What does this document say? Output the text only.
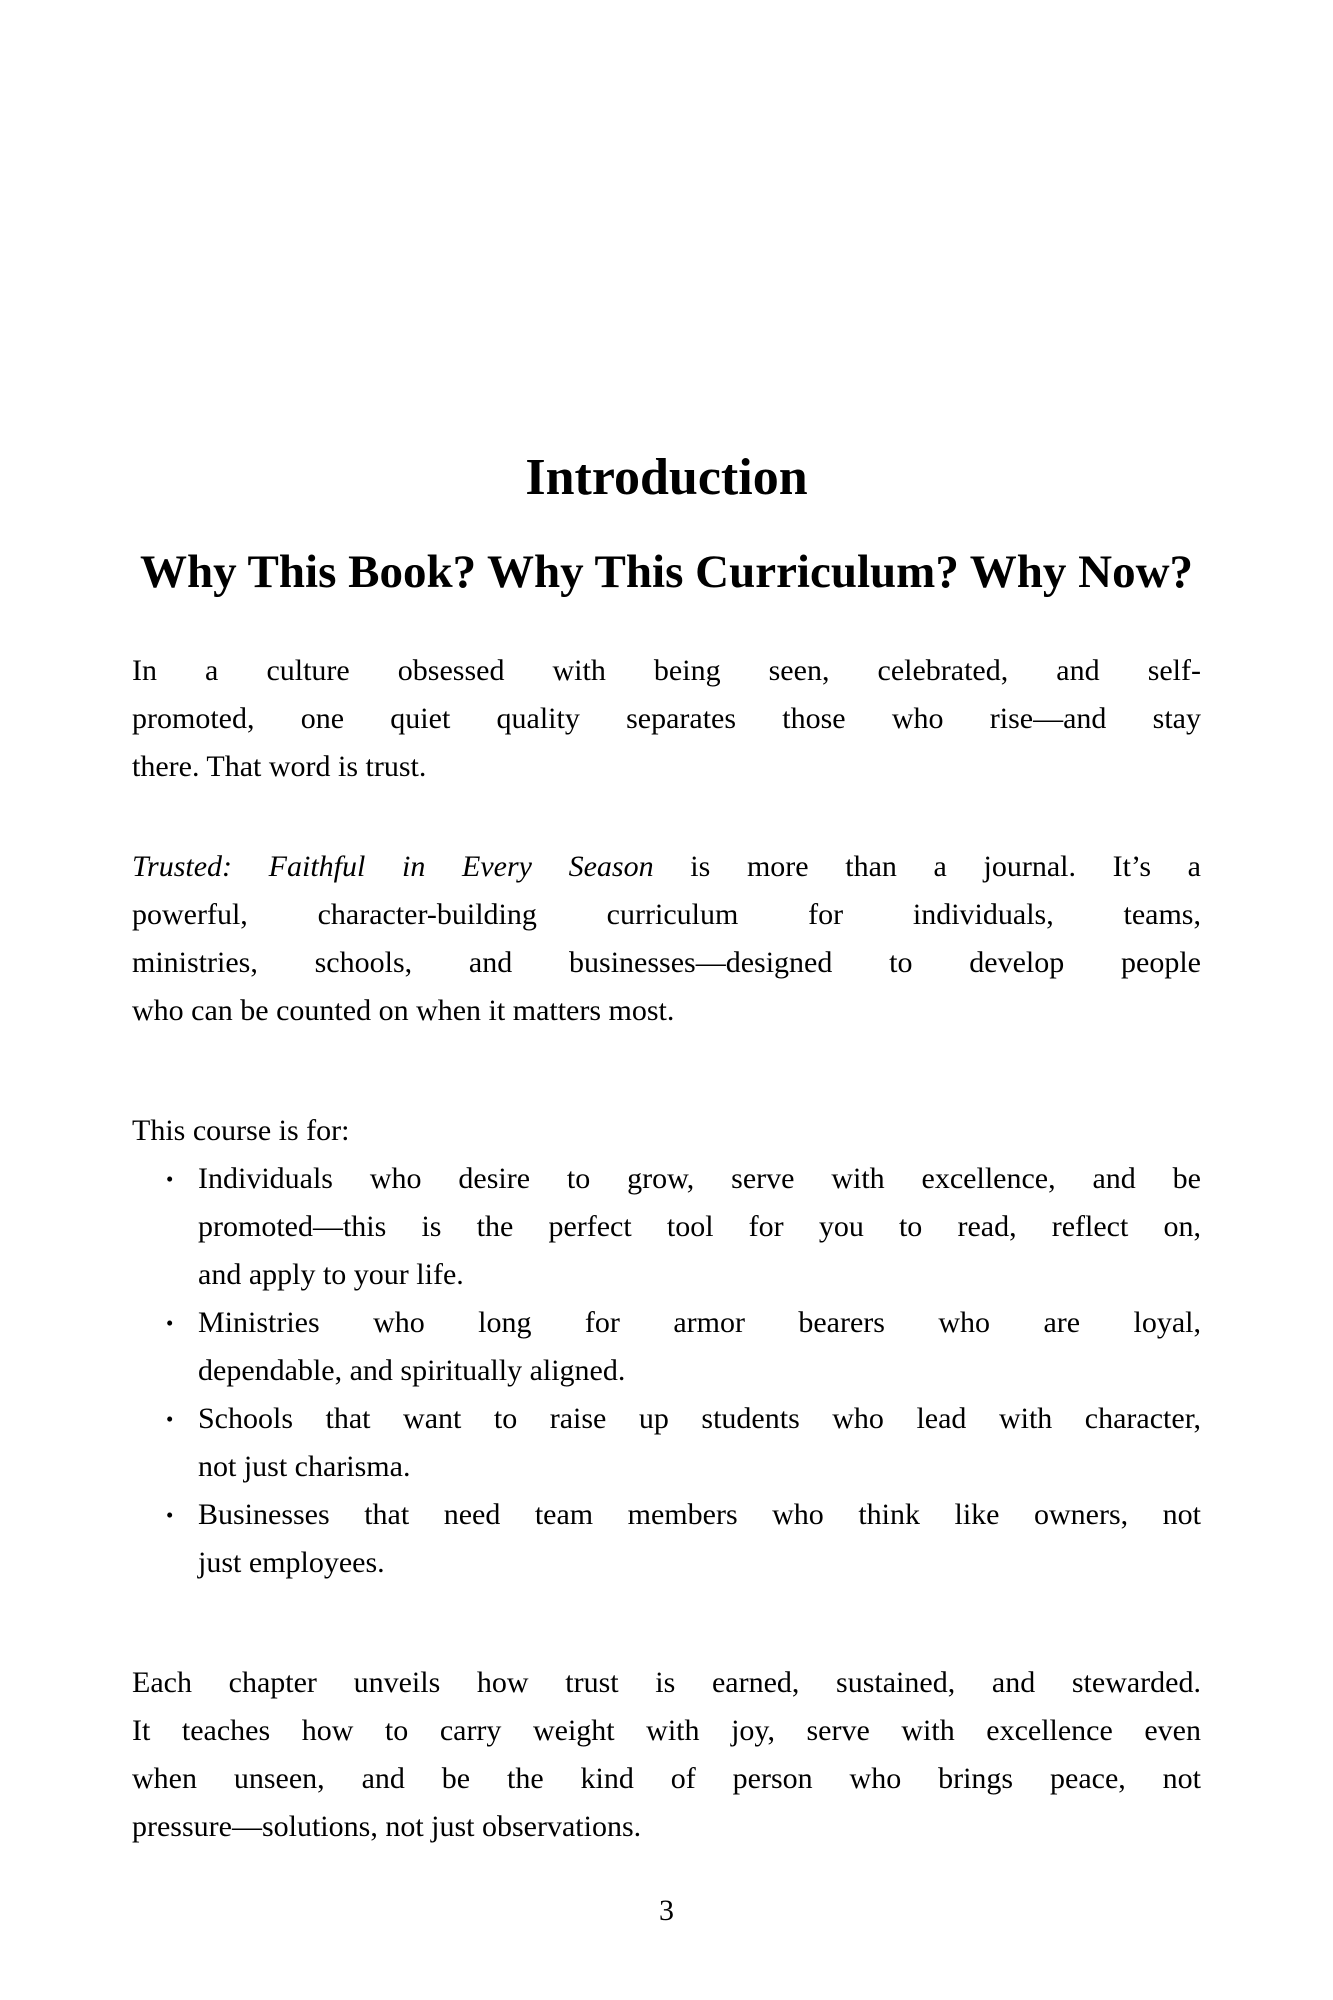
Introduction
Why This Book? Why This Curriculum? Why Now?
In a culture obsessed with being seen, celebrated, and self-
promoted, one quiet quality separates those who rise—and stay
there. That word is trust.
Trusted: Faithful in Every Season is more than a journal. It’s a
powerful, character-building curriculum for individuals, teams,
ministries, schools, and businesses—designed to develop people
who can be counted on when it matters most.
This course is for:
• Individuals who desire to grow, serve with excellence, and be
promoted—this is the perfect tool for you to read, reflect on,
and apply to your life.
• Ministries who long for armor bearers who are loyal,
dependable, and spiritually aligned.
• Schools that want to raise up students who lead with character,
not just charisma.
• Businesses that need team members who think like owners, not
just employees.
Each chapter unveils how trust is earned, sustained, and stewarded.
It teaches how to carry weight with joy, serve with excellence even
when unseen, and be the kind of person who brings peace, not
pressure—solutions, not just observations.
3
